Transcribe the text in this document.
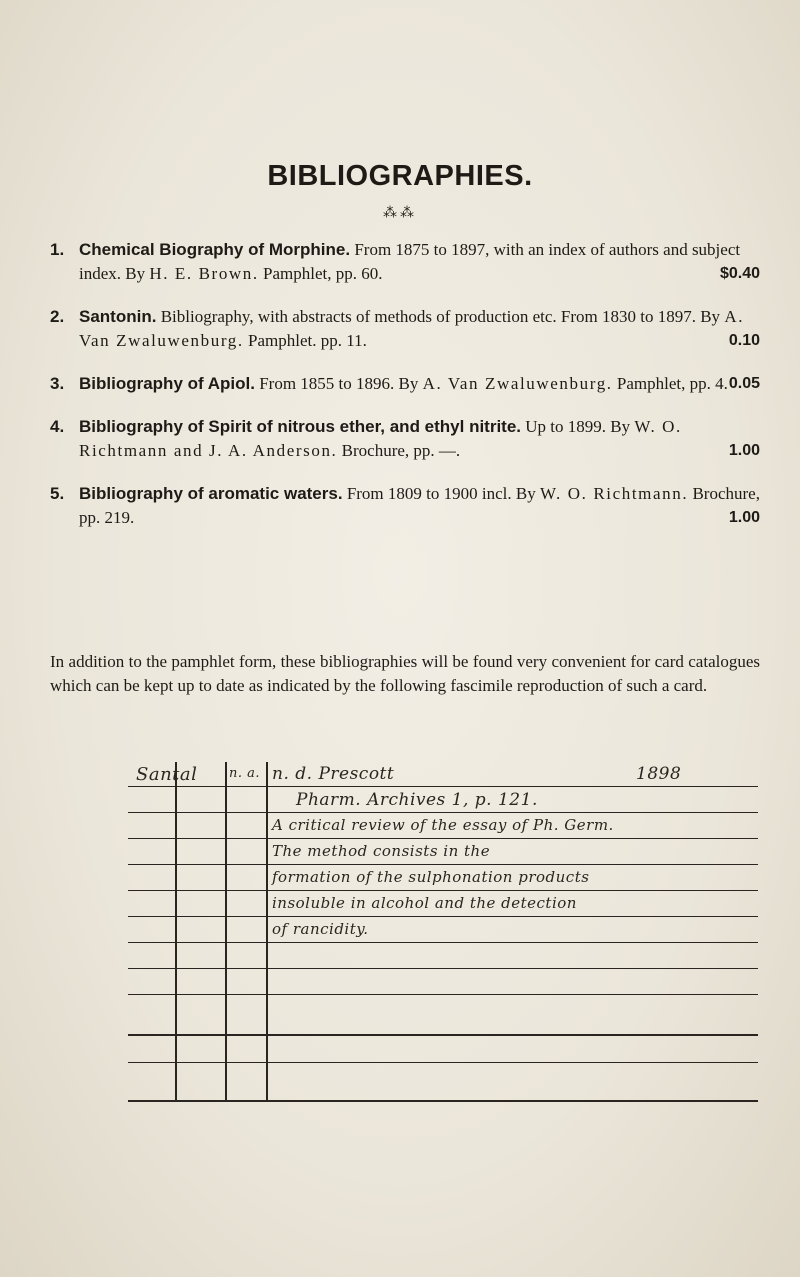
BIBLIOGRAPHIES.
⁂⁂
1. Chemical Biography of Morphine. From 1875 to 1897, with an index of authors and subject index. By H. E. Brown. Pamphlet, pp. 60.	$0.40
2. Santonin. Bibliography, with abstracts of methods of production etc. From 1830 to 1897. By A. Van Zwaluwenburg. Pamphlet. pp. 11.	0.10
3. Bibliography of Apiol. From 1855 to 1896. By A. Van Zwaluwenburg. Pamphlet, pp. 4. 0.05
4. Bibliography of Spirit of nitrous ether, and ethyl nitrite. Up to 1899. By W. O. Richtmann and J. A. Anderson. Brochure, pp. —.	1.00
5. Bibliography of aromatic waters. From 1809 to 1900 incl. By W. O. Richtmann. Brochure, pp. 219.	1.00
In addition to the pamphlet form, these bibliographies will be found very convenient for card catalogues which can be kept up to date as indicated by the following fascimile reproduction of such a card.
Santal n. a. n. d. Prescott	1898
Pharm. Archives 1, p. 121.
A critical review of the essay of Ph. Germ.
The method consists in the
formation of the sulphonation products
insoluble in alcohol and the detection
of rancidity.
